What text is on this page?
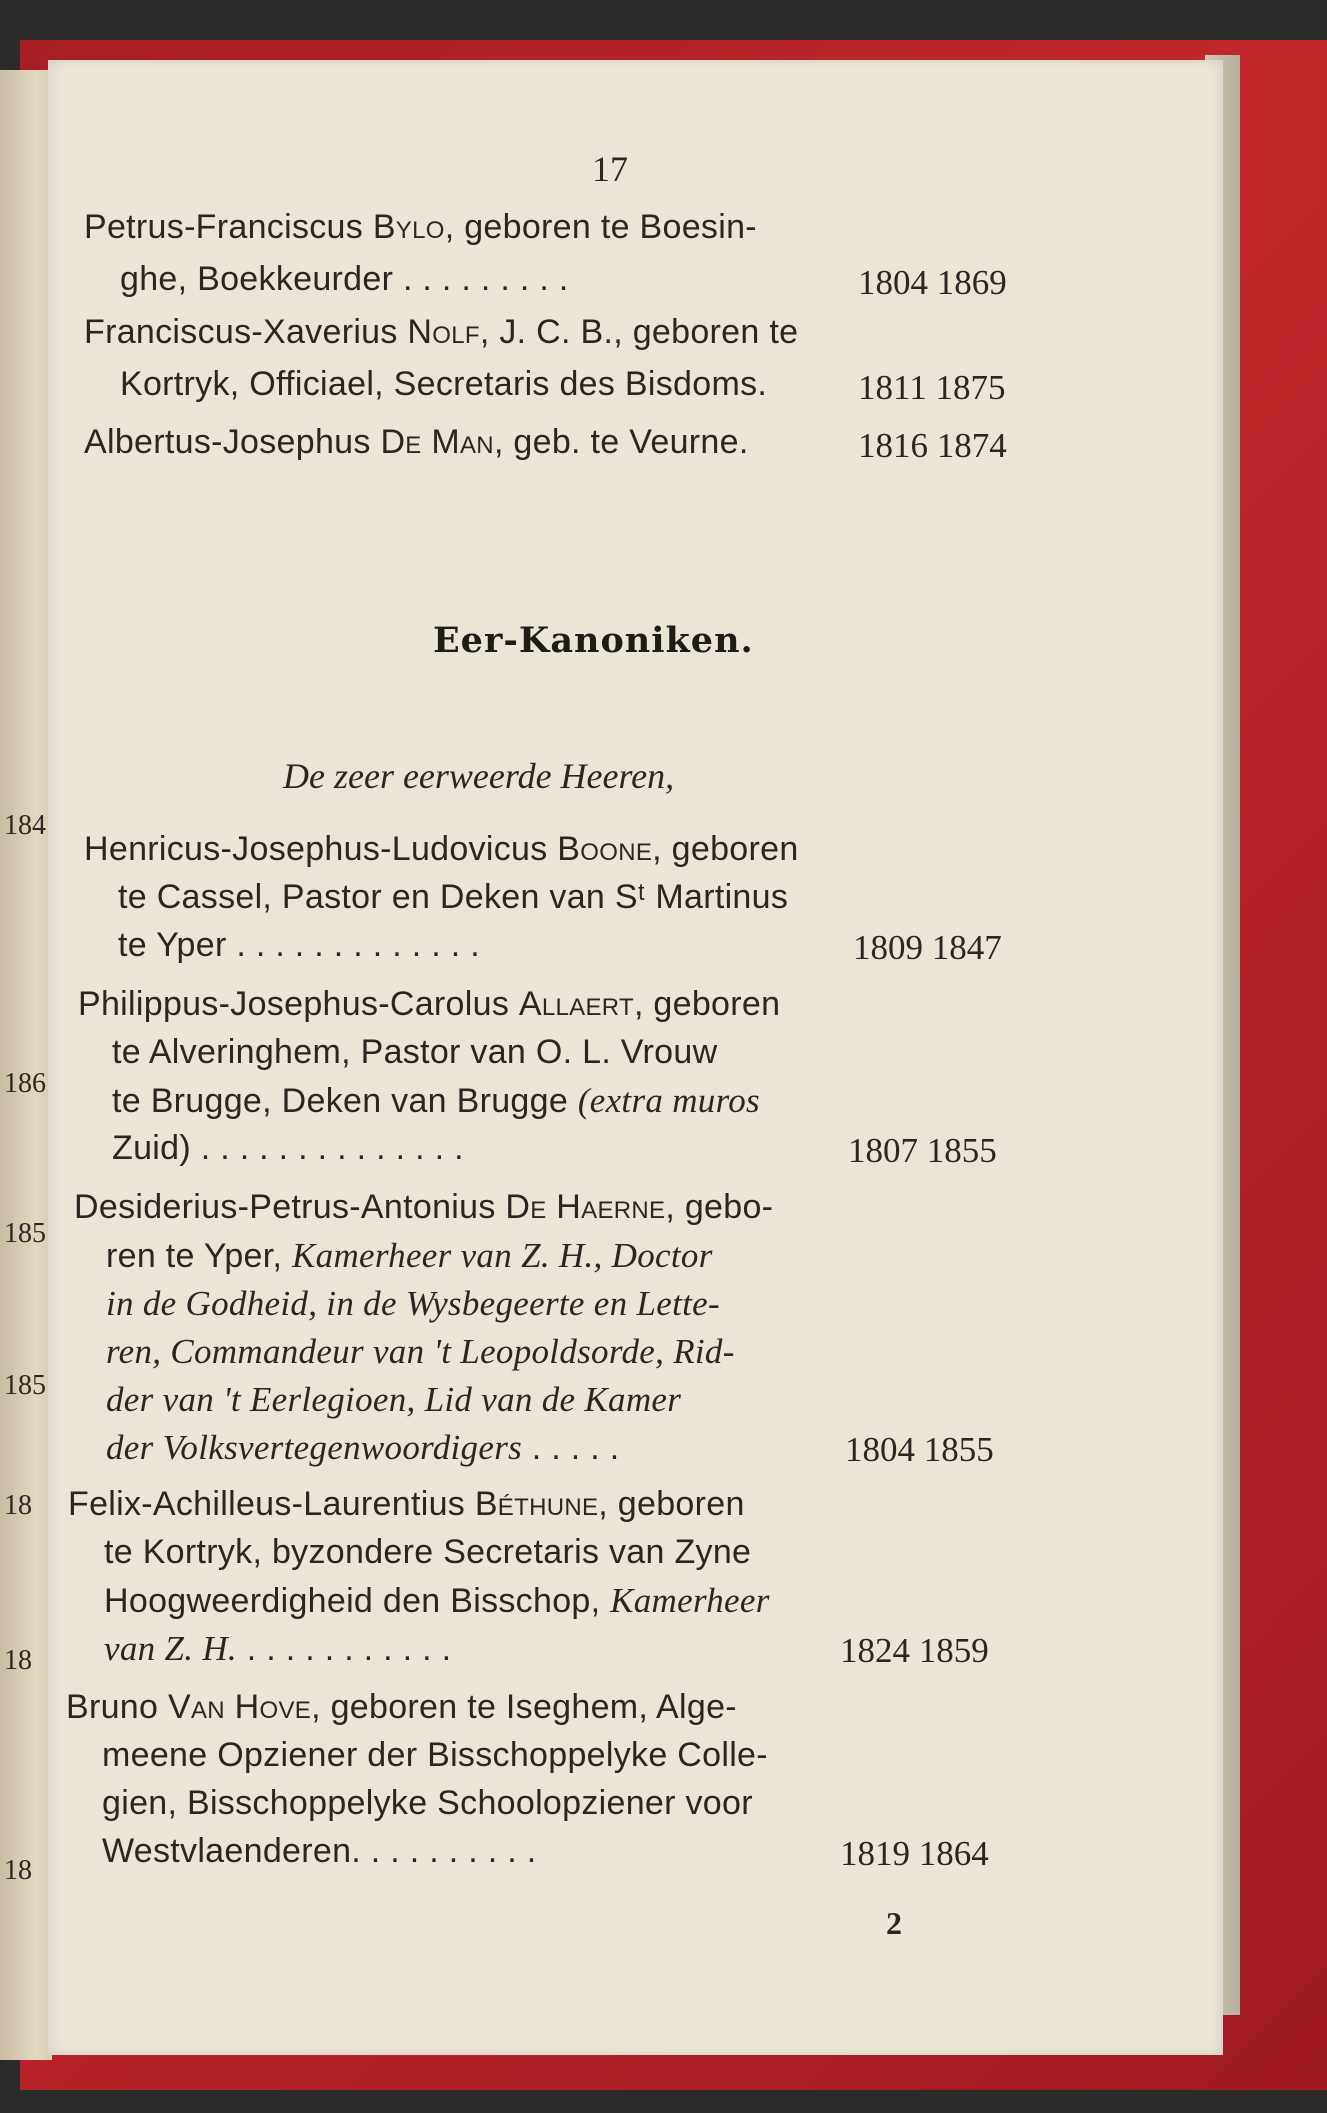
184
186
185
185
18
18
18
17
Petrus-Franciscus Bylo, geboren te Boesin-
ghe, Boekkeurder . . . . . . . . .	1804 1869
Franciscus-Xaverius Nolf, J. C. B., geboren te
Kortryk, Officiael, Secretaris des Bisdoms.	1811 1875
Albertus-Josephus De Man, geb. te Veurne.	1816 1874
Eer-Kanoniken.
De zeer eerweerde Heeren,
Henricus-Josephus-Ludovicus Boone, geboren
te Cassel, Pastor en Deken van Sᵗ Martinus
te Yper . . . . . . . . . . . . .	1809 1847
Philippus-Josephus-Carolus Allaert, geboren
te Alveringhem, Pastor van O. L. Vrouw
te Brugge, Deken van Brugge (extra muros
Zuid) . . . . . . . . . . . . . .	1807 1855
Desiderius-Petrus-Antonius De Haerne, gebo-
ren te Yper, Kamerheer van Z. H., Doctor
in de Godheid, in de Wysbegeerte en Lette-
ren, Commandeur van 't Leopoldsorde, Rid-
der van 't Eerlegioen, Lid van de Kamer
der Volksvertegenwoordigers . . . . .	1804 1855
Felix-Achilleus-Laurentius Béthune, geboren
te Kortryk, byzondere Secretaris van Zyne
Hoogweerdigheid den Bisschop, Kamerheer
van Z. H. . . . . . . . . . . .	1824 1859
Bruno Van Hove, geboren te Iseghem, Alge-
meene Opziener der Bisschoppelyke Colle-
gien, Bisschoppelyke Schoolopziener voor
Westvlaenderen. . . . . . . . . .	1819 1864
2
